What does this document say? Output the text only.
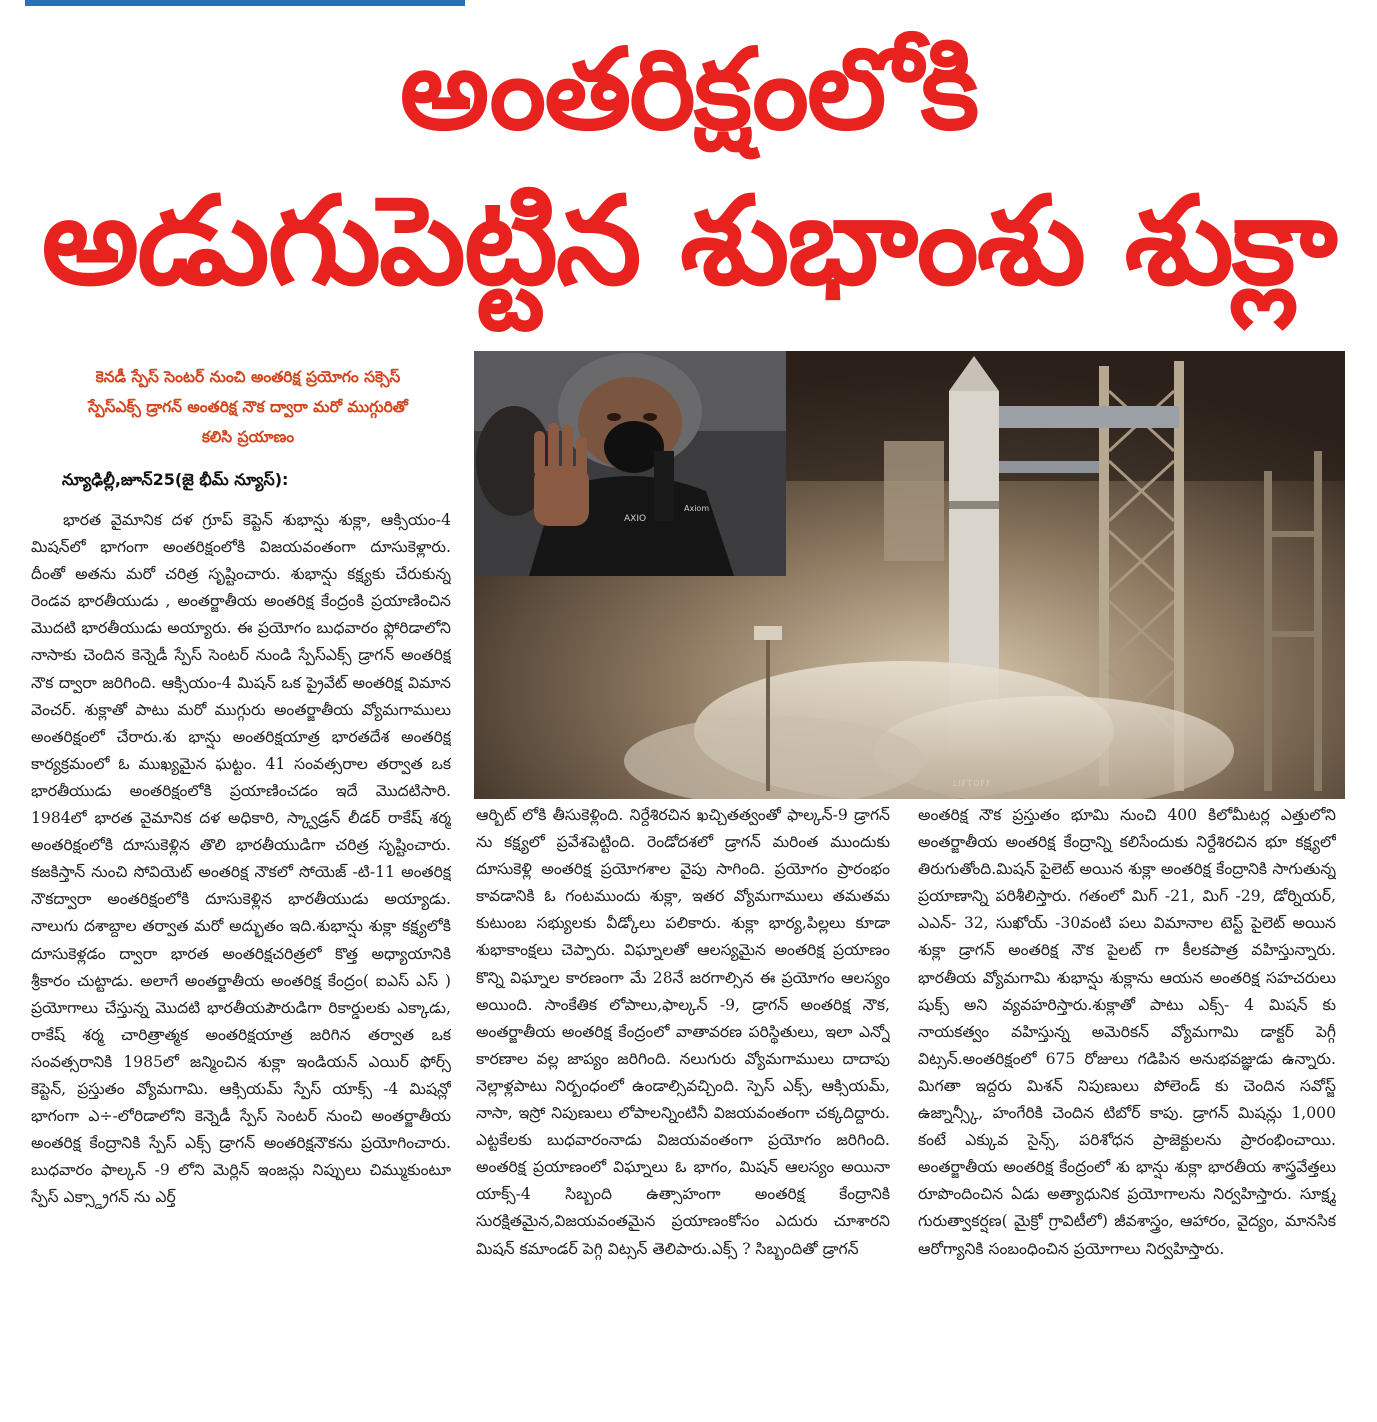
అంతరిక్షంలోకి
అడుగుపెట్టిన శుభాంశు శుక్లా
కెనడీ స్పేస్ సెంటర్ నుంచి అంతరిక్ష ప్రయోగం సక్సెస్
స్పేస్ఎక్స్ డ్రాగన్ అంతరిక్ష నౌక ద్వారా మరో ముగ్గురితో
కలిసి ప్రయాణం
న్యూఢిల్లీ,జూన్25(జై భీమ్ న్యూస్):

భారత వైమానిక దళ గ్రూప్ కెప్టెన్ శుభాన్షు శుక్లా, ఆక్సియం-4 మిషన్‌లో భాగంగా అంతరిక్షంలోకి విజయవంతంగా దూసుకెళ్లారు. దీంతో అతను మరో చరిత్ర సృష్టించారు. శుభాన్షు కక్ష్యకు చేరుకున్న రెండవ భారతీయుడు , అంతర్జాతీయ అంతరిక్ష కేంద్రంకి ప్రయాణించిన మొదటి భారతీయుడు అయ్యారు. ఈ ప్రయోగం బుధవారం ఫ్లోరిడాలోని నాసాకు చెందిన కెన్నెడీ స్పేస్ సెంటర్ నుండి స్పేస్ఎక్స్ డ్రాగన్ అంతరిక్ష నౌక ద్వారా జరిగింది. ఆక్సియం-4 మిషన్ ఒక ప్రైవేట్ అంతరిక్ష విమాన వెంచర్. శుక్లాతో పాటు మరో ముగ్గురు అంతర్జాతీయ వ్యోమగాములు అంతరిక్షంలో చేరారు.శు భాన్షు అంతరిక్షయాత్ర భారతదేశ అంతరిక్ష కార్యక్రమంలో ఓ ముఖ్యమైన ఘట్టం. 41 సంవత్సరాల తర్వాత ఒక భారతీయుడు అంతరిక్షంలోకి ప్రయాణించడం ఇదే మొదటిసారి. 1984లో భారత వైమానిక దళ అధికారి, స్క్వాడ్రన్ లీడర్ రాకేష్ శర్మ అంతరిక్షంలోకి దూసుకెళ్లిన తొలి భారతీయుడిగా చరిత్ర సృష్టించారు. కజకిస్తాన్ నుంచి సోవియెట్ అంతరిక్ష నౌకలో సోయెజ్ -టి-11 అంతరిక్ష నౌకద్వారా అంతరిక్షంలోకి దూసుకెళ్లిన భారతీయుడు అయ్యాడు. నాలుగు దశాబ్దాల తర్వాత మరో అద్భుతం ఇది.శుభాన్షు శుక్లా కక్ష్యలోకి దూసుకెళ్లడం ద్వారా భారత అంతరిక్షచరిత్రలో కొత్త అధ్యాయానికి శ్రీకారం చుట్టాడు. అలాగే అంతర్జాతీయ అంతరిక్ష కేంద్రం( ఐఎస్ ఎస్ ) ప్రయోగాలు చేస్తున్న మొదటి భారతీయపౌరుడిగా రికార్డులకు ఎక్కాడు, రాకేష్ శర్మ చారిత్రాత్మక అంతరిక్షయాత్ర జరిగిన తర్వాత ఒక సంవత్సరానికి 1985లో జన్మించిన శుక్లా ఇండియన్ ఎయిర్ ఫోర్స్ కెప్టెన్, ప్రస్తుతం వ్యోమగామి. ఆక్సియమ్ స్పేస్ యాక్స్ -4 మిషన్లో భాగంగా ఎ÷-లోరిడాలోని కెన్నెడీ స్పేస్ సెంటర్ నుంచి అంతర్జాతీయ అంతరిక్ష కేంద్రానికి స్పేస్ ఎక్స్ డ్రాగన్ అంతరిక్షనౌకను ప్రయోగించారు. బుధవారం ఫాల్కన్ -9 లోని మెర్లిన్ ఇంజన్లు నిప్పులు చిమ్ముకుంటూ స్పేస్ ఎక్స్డ్రాగన్ ను ఎర్త్

LIFTOFF
AXIO
Axiom

ఆర్బిట్ లోకి తీసుకెళ్లింది. నిర్దేశిరచిన ఖచ్చితత్వంతో ఫాల్కన్-9 డ్రాగన్ ను కక్ష్యలో ప్రవేశపెట్టింది. రెండోదశలో డ్రాగన్ మరింత ముందుకు దూసుకెళ్లి అంతరిక్ష ప్రయోగశాల వైపు సాగింది. ప్రయోగం ప్రారంభం కావడానికి ఓ గంటముందు శుక్లా, ఇతర వ్యోమగాములు తమతమ కుటుంబ సభ్యులకు వీడ్కోలు పలికారు. శుక్లా భార్య,పిల్లలు కూడా శుభాకాంక్షలు చెప్పారు. విఘ్నాలతో ఆలస్యమైన అంతరిక్ష ప్రయాణం కొన్ని విఘ్నాల కారణంగా మే 28నే జరగాల్సిన ఈ ప్రయోగం ఆలస్యం అయింది. సాంకేతిక లోపాలు,ఫాల్కన్ -9, డ్రాగన్ అంతరిక్ష నౌక, అంతర్జాతీయ అంతరిక్ష కేంద్రంలో వాతావరణ పరిస్థితులు, ఇలా ఎన్నో కారణాల వల్ల జాప్యం జరిగింది. నలుగురు వ్యోమగాములు దాదాపు నెల్లాళ్లపాటు నిర్బంధంలో ఉండాల్సివచ్చింది. స్పెస్ ఎక్స్, ఆక్సియమ్, నాసా, ఇస్రో నిపుణులు లోపాలన్నింటినీ విజయవంతంగా చక్కదిద్దారు. ఎట్టకేలకు బుధవారంనాడు విజయవంతంగా ప్రయోగం జరిగింది. అంతరిక్ష ప్రయాణంలో విఘ్నాలు ఓ భాగం, మిషన్ ఆలస్యం అయినా యాక్స్-4 సిబ్బంది ఉత్సాహంగా అంతరిక్ష కేంద్రానికి సురక్షితమైన,విజయవంతమైన ప్రయాణంకోసం ఎదురు చూశారని మిషన్ కమాండర్ పెగ్గి విట్సన్ తెలిపారు.ఎక్స్ ? సిబ్బందితో డ్రాగన్

అంతరిక్ష నౌక ప్రస్తుతం భూమి నుంచి 400 కిలోమీటర్ల ఎత్తులోని అంతర్జాతీయ అంతరిక్ష కేంద్రాన్ని కలిసేందుకు నిర్దేశిరచిన భూ కక్ష్యలో తిరుగుతోంది.మిషన్ పైలెట్ అయిన శుక్లా అంతరిక్ష కేంద్రానికి సాగుతున్న ప్రయాణాన్ని పరిశీలిస్తారు. గతంలో మిగ్ -21, మిగ్ -29, డోర్నియర్, ఎఎన్- 32, సుఖోయ్ -30వంటి పలు విమానాల టెస్ట్ పైలెట్ అయిన శుక్లా డ్రాగన్ అంతరిక్ష నౌక పైలట్ గా కీలకపాత్ర వహిస్తున్నారు. భారతీయ వ్యోమగామి శుభాన్షు శుక్లాను ఆయన అంతరిక్ష సహచరులు షుక్స్ అని వ్యవహరిస్తారు.శుక్లాతో పాటు ఎక్స్- 4 మిషన్ కు నాయకత్వం వహిస్తున్న అమెరికన్ వ్యోమగామి డాక్టర్ పెగ్గీ విట్సన్.అంతరిక్షంలో 675 రోజులు గడిపిన అనుభవజ్ఞుడు ఉన్నారు. మిగతా ఇద్దరు మిశన్ నిపుణులు పోలెండ్ కు చెందిన సవోస్జ్ ఉజ్నాన్స్కీ, హంగేరికి చెందిన టిబోర్ కాపు. డ్రాగన్ మిషన్లు 1,000 కంటే ఎక్కువ సైన్స్, పరిశోధన ప్రాజెక్టులను ప్రారంభించాయి. అంతర్జాతీయ అంతరిక్ష కేంద్రంలో శు భాన్షు శుక్లా భారతీయ శాస్త్రవేత్తలు రూపొందించిన ఏడు అత్యాధునిక ప్రయోగాలను నిర్వహిస్తారు. సూక్ష్మ గురుత్వాకర్షణ( మైక్రో గ్రావిటీలో) జీవశాస్త్రం, ఆహారం, వైద్యం, మానసిక ఆరోగ్యానికి సంబంధించిన ప్రయోగాలు నిర్వహిస్తారు.
